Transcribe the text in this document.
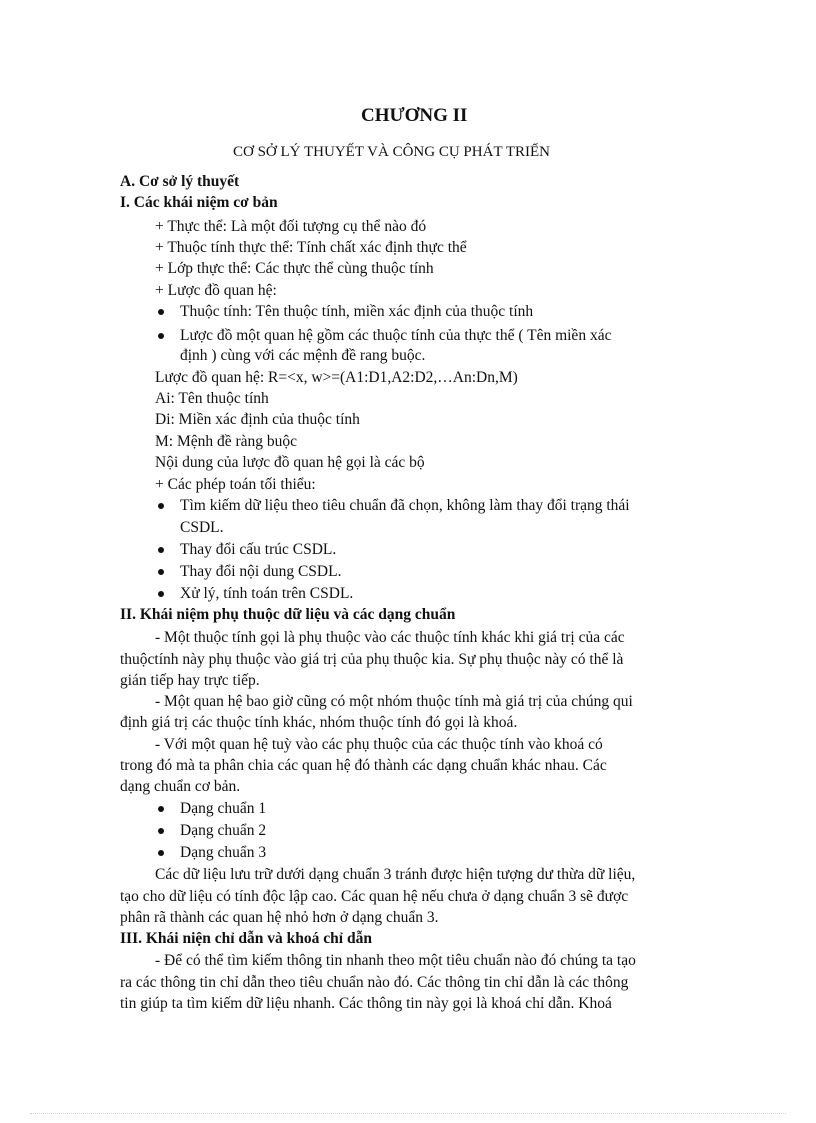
CHƯƠNG II
CƠ SỞ LÝ THUYẾT VÀ CÔNG CỤ PHÁT TRIỂN
A. Cơ sở lý thuyết
I. Các khái niệm cơ bản
+ Thực thể: Là một đối tượng cụ thể nào đó
+ Thuộc tính thực thể: Tính chất xác định thực thể
+ Lớp thực thể: Các thực thể cùng thuộc tính
+ Lược đồ quan hệ:
Thuộc tính: Tên thuộc tính, miền xác định của thuộc tính
Lược đồ một quan hệ gồm các thuộc tính của thực thể ( Tên miền xác
định ) cùng với các mệnh đề rang buộc.
Lược đồ quan hệ: R=<x, w>=(A1:D1,A2:D2,…An:Dn,M)
Ai: Tên thuộc tính
Di: Miền xác định của thuộc tính
M: Mệnh đề ràng buộc
Nội dung của lược đồ quan hệ gọi là các bộ
+ Các phép toán tối thiểu:
Tìm kiếm dữ liệu theo tiêu chuẩn đã chọn, không làm thay đổi trạng thái
CSDL.
Thay đổi cấu trúc CSDL.
Thay đổi nội dung CSDL.
Xử lý, tính toán trên CSDL.
II. Khái niệm phụ thuộc dữ liệu và các dạng chuẩn
- Một thuộc tính gọi là phụ thuộc vào các thuộc tính khác khi giá trị của các
thuộctính này phụ thuộc vào giá trị của phụ thuộc kia. Sự phụ thuộc này có thể là
gián tiếp hay trực tiếp.
- Một quan hệ bao giờ cũng có một nhóm thuộc tính mà giá trị của chúng qui
định giá trị các thuộc tính khác, nhóm thuộc tính đó gọi là khoá.
- Với một quan hệ tuỳ vào các phụ thuộc của các thuộc tính vào khoá có
trong đó mà ta phân chia các quan hệ đó thành các dạng chuẩn khác nhau. Các
dạng chuẩn cơ bản.
Dạng chuẩn 1
Dạng chuẩn 2
Dạng chuẩn 3
Các dữ liệu lưu trữ dưới dạng chuẩn 3 tránh được hiện tượng dư thừa dữ liệu,
tạo cho dữ liệu có tính độc lập cao. Các quan hệ nếu chưa ở dạng chuẩn 3 sẽ được
phân rã thành các quan hệ nhỏ hơn ở dạng chuẩn 3.
III. Khái niện chỉ dẫn và khoá chỉ dẫn
- Để có thể tìm kiếm thông tin nhanh theo một tiêu chuẩn nào đó chúng ta tạo
ra các thông tin chỉ dẫn theo tiêu chuẩn nào đó. Các thông tin chỉ dẫn là các thông
tin giúp ta tìm kiếm dữ liệu nhanh. Các thông tin này gọi là khoá chỉ dẫn. Khoá
